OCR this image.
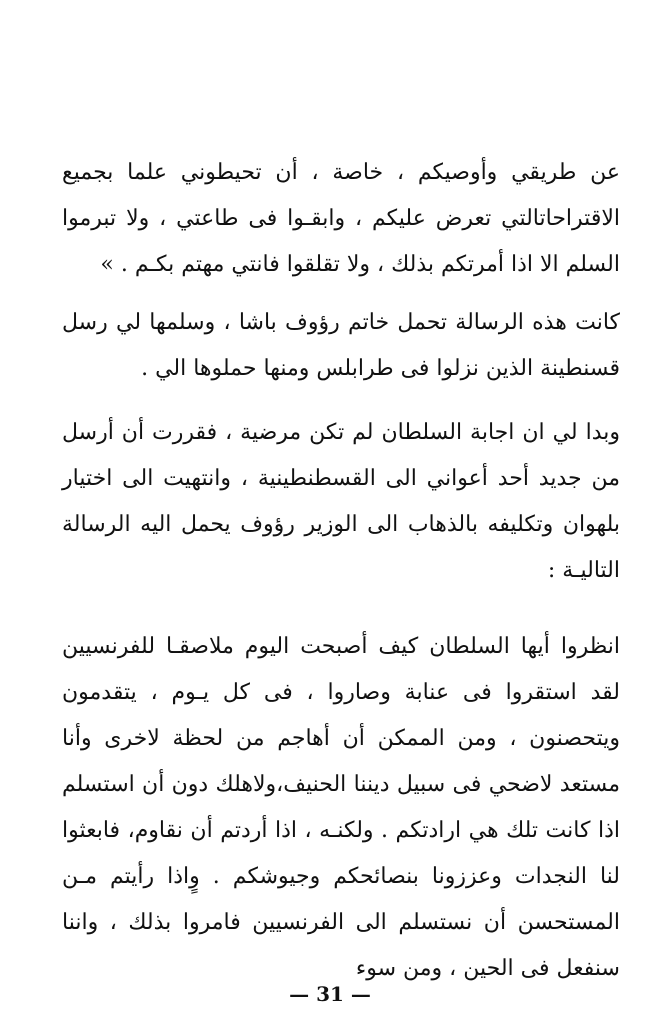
عن طريقي وأوصيكم ، خاصة ، أن تحيطوني علما بجميع الاقتراحاتالتي تعرض عليكم ، وابقـوا فى طاعتي ، ولا تبرموا السلم الا اذا أمرتكم بذلك ، ولا تقلقوا فانتي مهتم بكـم . »

كانت هذه الرسالة تحمل خاتم رؤوف باشا ، وسلمها لي رسل قسنطينة الذين نزلوا فى طرابلس ومنها حملوها الي .

وبدا لي ان اجابة السلطان لم تكن مرضية ، فقررت أن أرسل من جديد أحد أعواني الى القسطنطينية ، وانتهيت الى اختيار بلهوان وتكليفه بالذهاب الى الوزير رؤوف يحمل اليه الرسالة التاليـة :

انظروا أيها السلطان كيف أصبحت اليوم ملاصقـا للفرنسيين لقد استقروا فى عنابة وصاروا ، فى كل يـوم ، يتقدمون ويتحصنون ، ومن الممكن أن أهاجم من لحظة لاخرى وأنا مستعد لاضحي فى سبيل ديننا الحنيف،ولاهلك دون أن استسلم اذا كانت تلك هي ارادتكم . ولكنـه ، اذا أردتم أن نقاوم، فابعثوا لنا النجدات وعززونا بنصائحكم وجيوشكم . وٍاذا رأيتم مـن المستحسن أن نستسلم الى الفرنسيين فامروا بذلك ، واننا سنفعل فى الحين ، ومن سوء

— 31 —
